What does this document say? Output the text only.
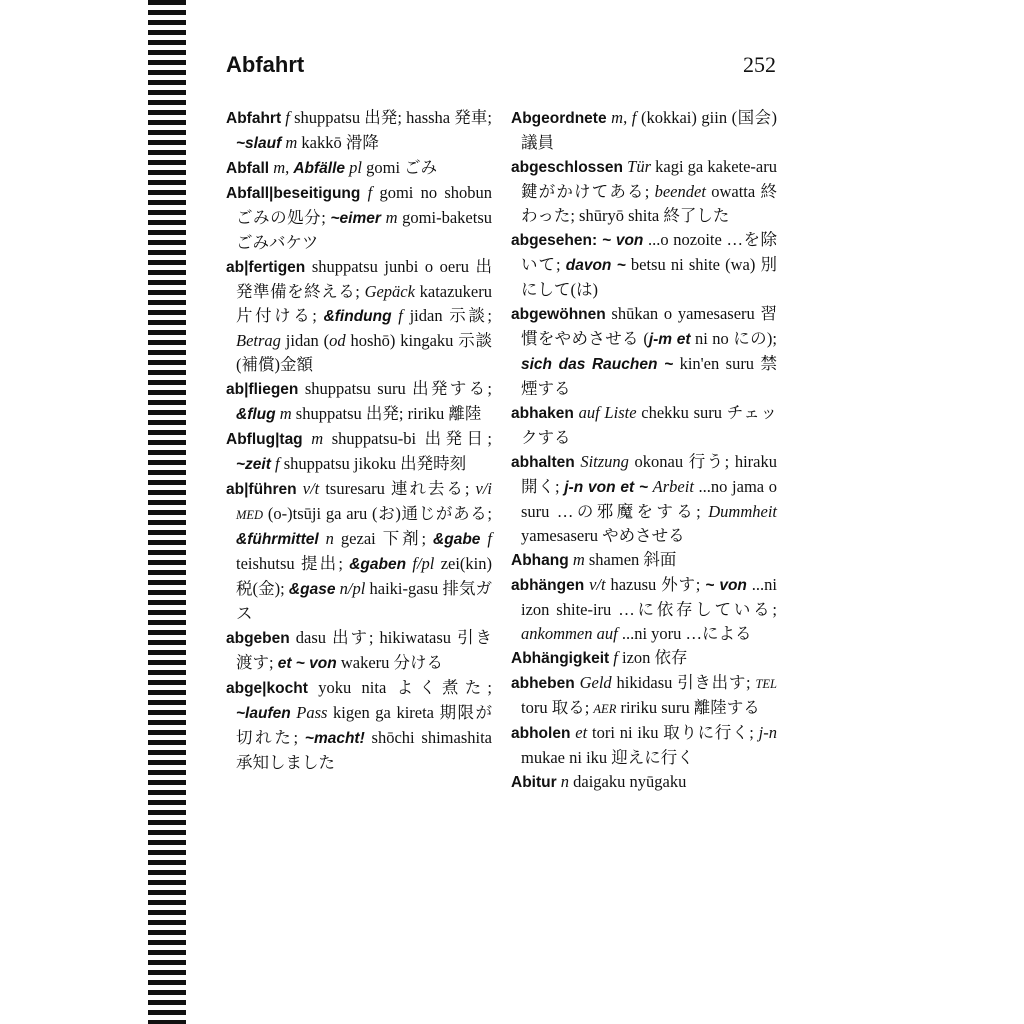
Abfahrt	252

Abfahrt f shuppatsu 出発; hassha 発車; ~slauf m kakkō 滑降

Abfall m, Abfälle pl gomi ごみ

Abfall|beseitigung f gomi no shobun ごみの処分; ~eimer m gomi-baketsu ごみバケツ

ab|fertigen shuppatsu junbi o oeru 出発準備を終える; Gepäck katazukeru 片付ける; &findung f jidan 示談; Betrag jidan (od hoshō) kingaku 示談(補償)金額

ab|fliegen shuppatsu suru 出発する; &flug m shuppatsu 出発; ririku 離陸

Abflug|tag m shuppatsu-bi 出発日; ~zeit f shuppatsu jikoku 出発時刻

ab|führen v/t tsuresaru 連れ去る; v/i MED (o-)tsūji ga aru (お)通じがある; &führmittel n gezai 下剤; &gabe f teishutsu 提出; &gaben f/pl zei(kin) 税(金); &gase n/pl haiki-gasu 排気ガス

abgeben dasu 出す; hikiwatasu 引き渡す; et ~ von wakeru 分ける

abge|kocht yoku nita よく煮た; ~laufen Pass kigen ga kireta 期限が切れた; ~macht! shōchi shimashita 承知しました

Abgeordnete m, f (kokkai) giin (国会)議員

abgeschlossen Tür kagi ga kakete-aru 鍵がかけてある; beendet owatta 終わった; shūryō shita 終了した

abgesehen: ~ von ...o nozoite …を除いて; davon ~ betsu ni shite (wa) 別にして(は)

abgewöhnen shūkan o yamesaseru 習慣をやめさせる (j-m et ni no にの); sich das Rauchen ~ kin'en suru 禁煙する

abhaken auf Liste chekku suru チェックする

abhalten Sitzung okonau 行う; hiraku 開く; j-n von et ~ Arbeit ...no jama o suru …の邪魔をする; Dummheit yamesaseru やめさせる

Abhang m shamen 斜面

abhängen v/t hazusu 外す; ~ von ...ni izon shite-iru …に依存している; ankommen auf ...ni yoru …による

Abhängigkeit f izon 依存

abheben Geld hikidasu 引き出す; TEL toru 取る; AER ririku suru 離陸する

abholen et tori ni iku 取りに行く; j-n mukae ni iku 迎えに行く

Abitur n daigaku nyūgaku
